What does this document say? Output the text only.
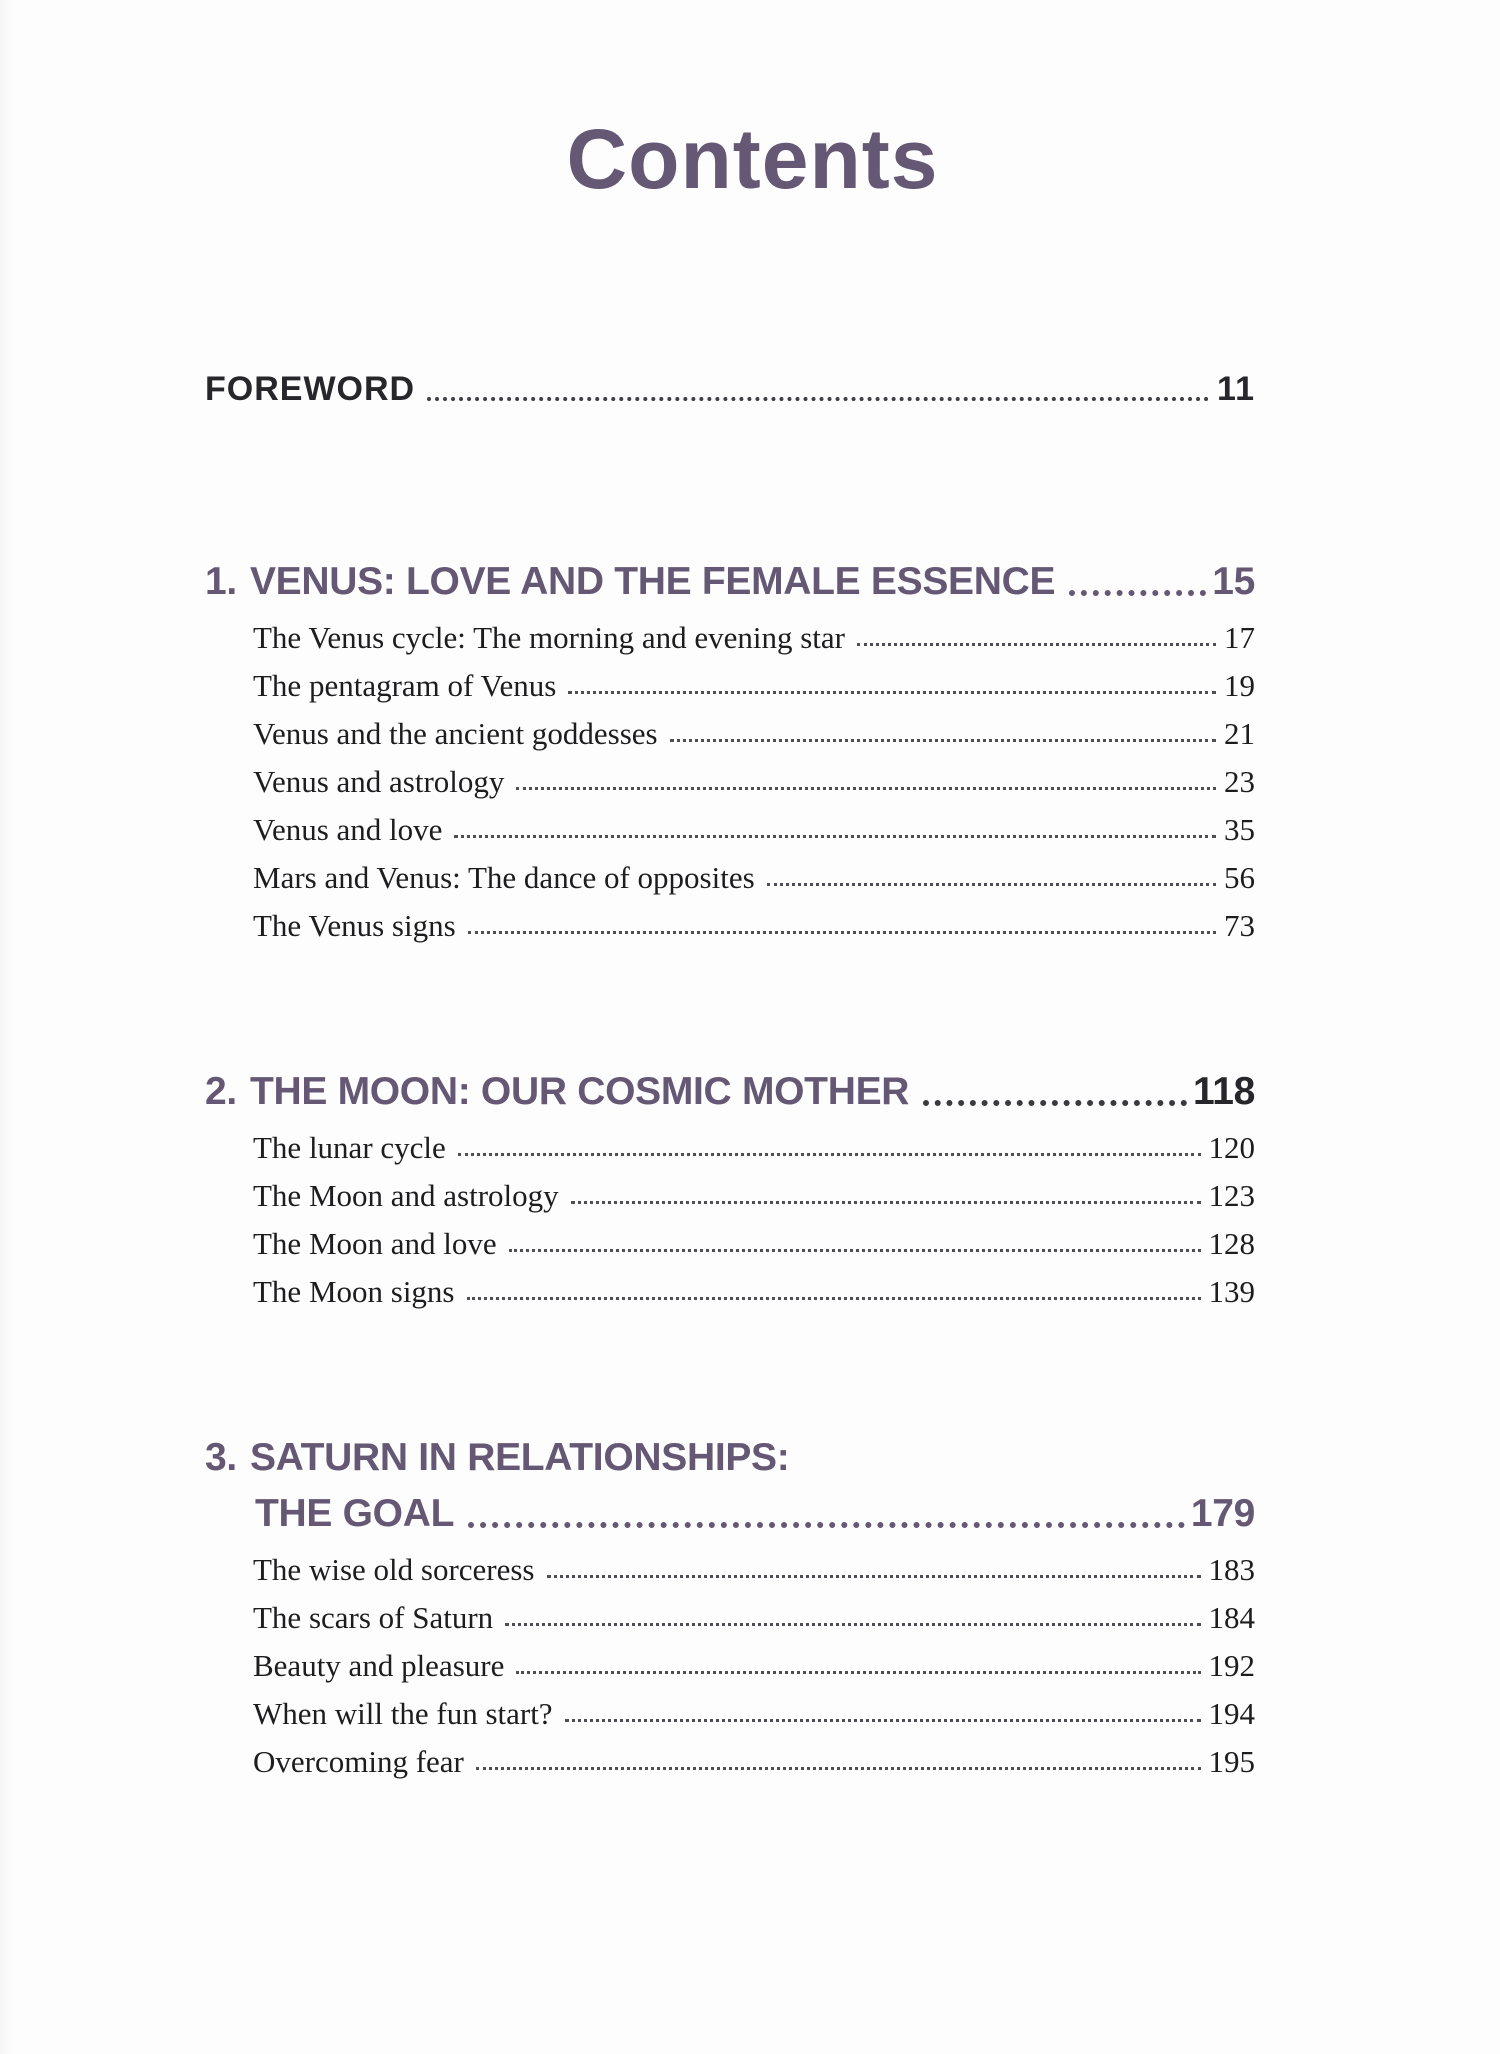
Contents
FOREWORD	11
1. VENUS: LOVE AND THE FEMALE ESSENCE	15
The Venus cycle: The morning and evening star	17
The pentagram of Venus	19
Venus and the ancient goddesses	21
Venus and astrology	23
Venus and love	35
Mars and Venus: The dance of opposites	56
The Venus signs	73
2. THE MOON: OUR COSMIC MOTHER	118
The lunar cycle	120
The Moon and astrology	123
The Moon and love	128
The Moon signs	139
3. SATURN IN RELATIONSHIPS:
THE GOAL	179
The wise old sorceress	183
The scars of Saturn	184
Beauty and pleasure	192
When will the fun start?	194
Overcoming fear	195
